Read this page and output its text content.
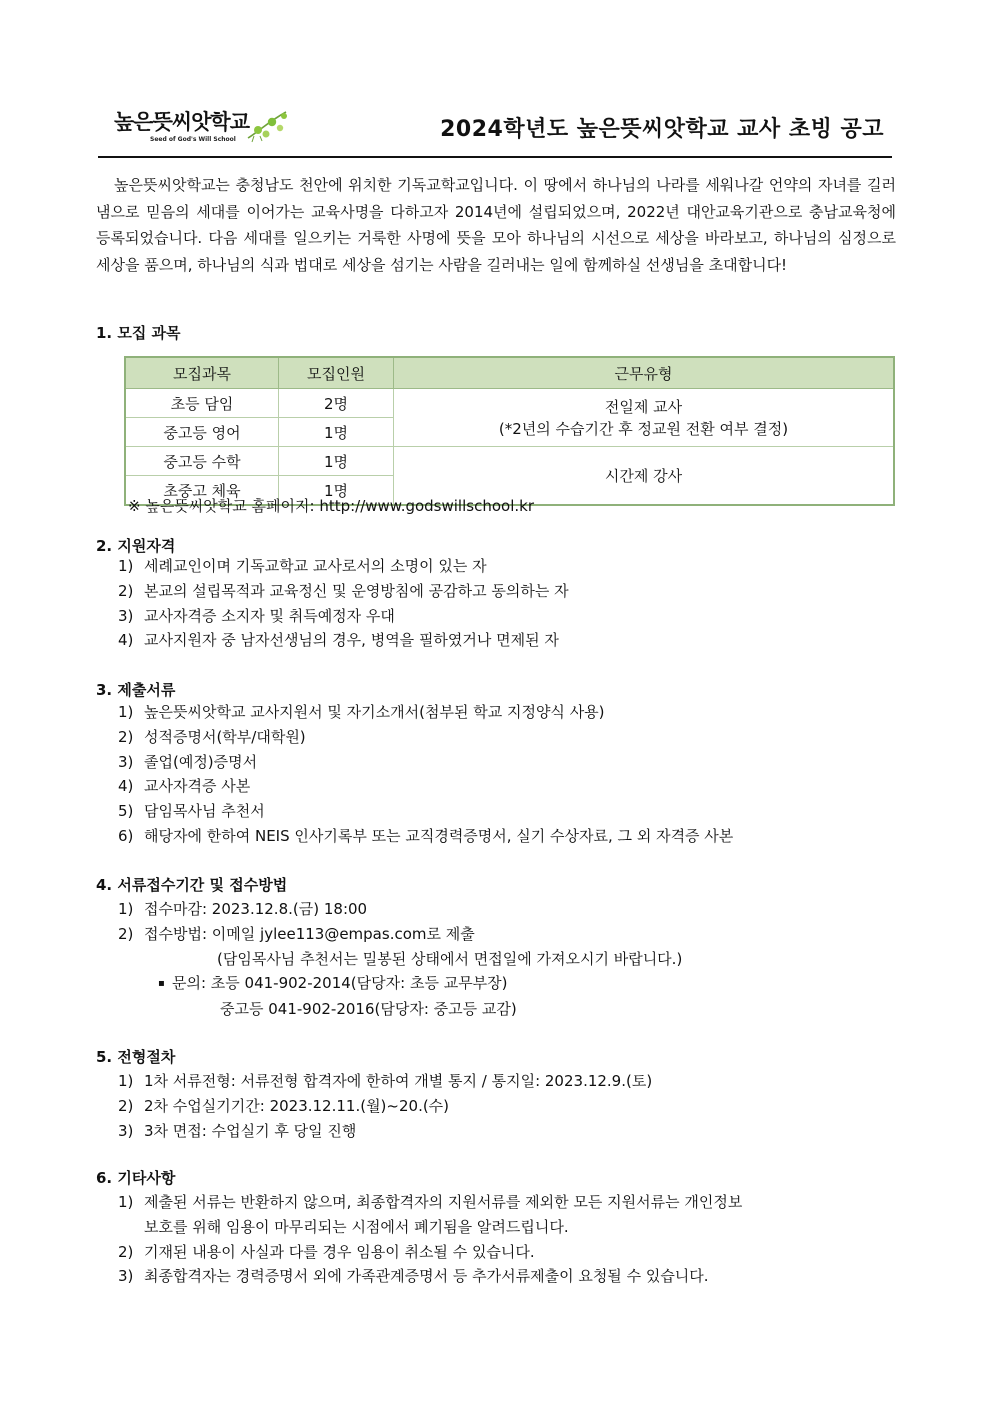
높은뜻씨앗학교
Seed of God's Will School	2024학년도 높은뜻씨앗학교 교사 초빙 공고

높은뜻씨앗학교는 충청남도 천안에 위치한 기독교학교입니다. 이 땅에서 하나님의 나라를 세워나갈 언약의 자녀를 길러냄으로 믿음의 세대를 이어가는 교육사명을 다하고자 2014년에 설립되었으며, 2022년 대안교육기관으로 충남교육청에 등록되었습니다. 다음 세대를 일으키는 거룩한 사명에 뜻을 모아 하나님의 시선으로 세상을 바라보고, 하나님의 심정으로 세상을 품으며, 하나님의 식과 법대로 세상을 섬기는 사람을 길러내는 일에 함께하실 선생님을 초대합니다!

1. 모집 과목
모집과목	모집인원	근무유형
초등 담임	2명	전일제 교사
(*2년의 수습기간 후 정교원 전환 여부 결정)

중고등 영어	1명	
중고등 수학	1명	시간제 강사
초중고 체육	1명	
※ 높은뜻씨앗학교 홈페이지: http://www.godswillschool.kr
2. 지원자격
1) 세례교인이며 기독교학교 교사로서의 소명이 있는 자
2) 본교의 설립목적과 교육정신 및 운영방침에 공감하고 동의하는 자
3) 교사자격증 소지자 및 취득예정자 우대
4) 교사지원자 중 남자선생님의 경우, 병역을 필하였거나 면제된 자
3. 제출서류
1) 높은뜻씨앗학교 교사지원서 및 자기소개서(첨부된 학교 지정양식 사용)
2) 성적증명서(학부/대학원)
3) 졸업(예정)증명서
4) 교사자격증 사본
5) 담임목사님 추천서
6) 해당자에 한하여 NEIS 인사기록부 또는 교직경력증명서, 실기 수상자료, 그 외 자격증 사본
4. 서류접수기간 및 접수방법
1) 접수마감: 2023.12.8.(금) 18:00
2) 접수방법: 이메일 jylee113@empas.com로 제출
(담임목사님 추천서는 밀봉된 상태에서 면접일에 가져오시기 바랍니다.)
▪ 문의: 초등 041-902-2014(담당자: 초등 교무부장)
중고등 041-902-2016(담당자: 중고등 교감)
5. 전형절차
1) 1차 서류전형: 서류전형 합격자에 한하여 개별 통지 / 통지일: 2023.12.9.(토)
2) 2차 수업실기기간: 2023.12.11.(월)~20.(수)
3) 3차 면접: 수업실기 후 당일 진행
6. 기타사항
1) 제출된 서류는 반환하지 않으며, 최종합격자의 지원서류를 제외한 모든 지원서류는 개인정보
보호를 위해 임용이 마무리되는 시점에서 폐기됨을 알려드립니다.
2) 기재된 내용이 사실과 다를 경우 임용이 취소될 수 있습니다.
3) 최종합격자는 경력증명서 외에 가족관계증명서 등 추가서류제출이 요청될 수 있습니다.
